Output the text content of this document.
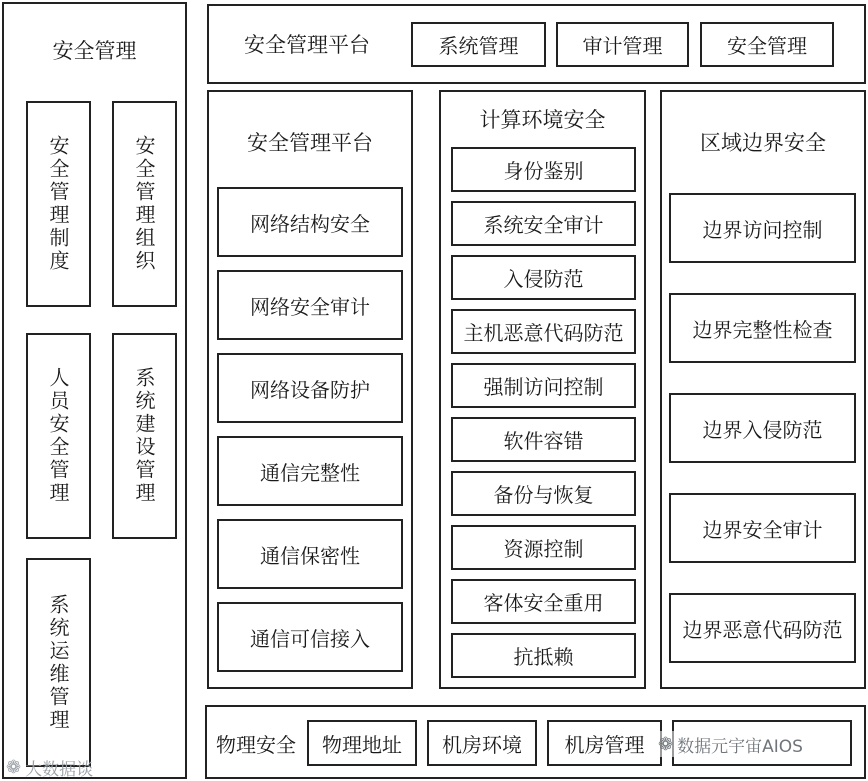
安全管理
安全管理制度	安全管理组织
人员安全管理	系统建设管理
系统运维管理
安全管理平台	系统管理	审计管理	安全管理
安全管理平台
网络结构安全
网络安全审计
网络设备防护
通信完整性
通信保密性
通信可信接入
计算环境安全
身份鉴别
系统安全审计
入侵防范
主机恶意代码防范
强制访问控制
软件容错
备份与恢复
资源控制
客体安全重用
抗抵赖
区域边界安全
边界访问控制
边界完整性检查
边界入侵防范
边界安全审计
边界恶意代码防范
物理安全	物理地址	机房环境	机房管理
❁ 大数据谈
❁ 数据元宇宙AIOS
